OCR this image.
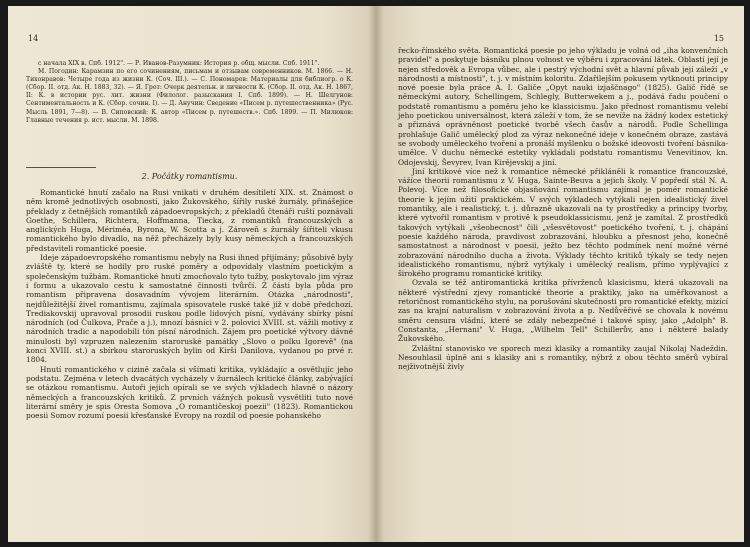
14
с начала XIX в. Спб. 1912". — Р. Иванов-Разумник: История р. общ. мысли. Спб. 1911".
М. Погодин: Карамзин по его сочинениям, письмам и отзывам современников. М. 1866. — Н. Тихонравов: Четыре года из жизни К. (Соч. III.). — С. Пономарев: Материалы для библиогр. о К. (Сбор. II. отд. Ак. Н. 1883, 32). — Я. Грот: Очерк деятельн. и личности К. (Сбор. II. отд. Ак. Н. 1867, II: К. в истории рус. лит. жизни (Филолог. разыскания I. Спб. 1899). — Н. Шелгунов: Сентиментальность и К. (Сбор. сочин. I). — Д. Анучин: Сведение «Писем р. путешественника» (Рус. Мысль 1891, 7—8). — В. Сиповский: К. автор «Писем р. путешеств.». Спб. 1899. — П. Милюков: Главные течения р. ист. мысли. М. 1898.
2. Počátky romantismu.

Romantické hnutí začalo na Rusi vnikati v druhém desítiletí XIX. st. Známost o něm kromě jednotlivých osobností, jako Žukovského, šířily ruské žurnály, přinášejíce překlady z četnějších romantiků západoevropských; z překladů čtenáři ruští poznávali Goethe, Schillera, Richtera, Hoffmanna, Tiecka, z romantiků francouzských a anglických Huga, Mériméa, Byrona, W. Scotta a j. Zároveň s žurnály šířiteli vkusu romantického bylo divadlo, na něž přecházely byly kusy německých a francouzských představiteli romantické poesie.

Ideje západoevropského romantismu nebyly na Rusi ihned přijímány; působivě byly zvláště ty, které se hodily pro ruské poměry a odpovídaly vlastním poetickým a společenským tužbám. Romantické hnutí zmocňovalo tyto tužby, poskytovalo jim výraz i formu a ukazovalo cestu k samostatné činnosti tvůrčí. Z části byla půda pro romantism připravena dosavadním vývojem literárním. Otázka „národnosti", nejdůležitější živel romantismu, zajímala spisovatele ruské také již v době předchozí. Trediakovskij upravoval prosodii ruskou podle lidových písní, vydávány sbírky písní národních (od Čulkova, Prače a j.), mnozí básníci v 2. polovici XVIII. st. vážili motivy z národních tradic a napodobili tón písní národních. Zájem pro poetické výtvory dávné minulosti byl vzpruzen nalezením staroruské památky „Slovo o polku Igorevě" (na konci XVIII. st.) a sbírkou staroruských bylin od Kirši Danilova, vydanou po prvé r. 1804.

Hnutí romantického v cizině začala si všímati kritika, vykládajíc a osvětlujíc jeho podstatu. Zejména v letech dvacátých vycházely v žurnálech kritické články, zabývající se otázkou romantismu. Autoři jejich opírali se ve svých výkladech hlavně o názory německých a francouzských kritiků. Z prvních vážných pokusů vysvětliti tuto nové literární směry je spis Oresta Somova „O romantičeskoj poezii" (1823). Romantickou poesii Somov rozumí poesii křesťanské Evropy na rozdíl od poesie pohanského

15

řecko-římského světa. Romantická poesie po jeho výkladu je volná od „iha konvenčních pravidel" a poskytuje básníku plnou volnost ve výběru i zpracování látek. Oblastí její je nejen středověk a Evropa vůbec, ale i pestrý východní svět a hlavní půvab její záleží „v národnosti a místnosti", t. j. v místním koloritu. Zdařilejším pokusem vytknouti principy nové poesie byla práce A. I. Galiče „Opyt nauki izjaščnago" (1825). Galič řídě se německými autory, Schellingem, Schlegly, Butterwekem a j., podává řadu poučení o podstatě romantismu a poměru jeho ke klassicismu. Jako přednost romantismu velebí jeho poetickou universálnost, která záleží v tom, že se nevíže na žádný kodex estetický a přiznává oprávněnost poetické tvorbě všech časův a národů. Podle Schellinga prohlašuje Galič umělecký plod za výraz nekonečné ideje v konečném obraze, zastává se svobody uměleckého tvoření a pronáší myšlenku o božské ideovosti tvoření básnika-umělce. V duchu německé estetiky vykládali podstatu romantismu Venevitinov, kn. Odojevskij, Ševyrev, Ivan Kirějevskij a jiní.

Jiní kritikové více než k romantice německé přikláněli k romantice francouzské, vážíce theorii romantismu z V. Huga, Sainte-Beuva a jejich školy. V popředí stál N. A. Polevoj. Více než filosofické objasňování romantismu zajímal je pomér romantické theorie k jejím užití praktickém. V svých výkladech vytýkali nejen idealistický živel romantiky, ale i realistický, t. j. důrazně ukazovali na ty prostředky a principy tvorby, které vytvořil romantism v protivě k pseudoklassicismu, jenž je zamítal. Z prostředků takových vytýkali „všeobecnost" čili „všesvětovost" poetického tvoření, t. j. chápání poesie každého národa, pravdivost zobrazování, hloubku a přesnost jeho, konečně samostatnost a národnost v poesii, ježto bez těchto podmínek není možné vérné zobrazování národního ducha a života. Výklady těchto kritiků týkaly se tedy nejen idealistického romantismu, nýbrž vytýkaly i umělecký realism, přímo vyplývající z širokého programu romantické kritiky.

Ozvala se též antiromantická kritika přívrženců klasicismu, která ukazovali na některé výstřední zjevy romantické theorie a praktiky, jako na uměřkovanost a retoričnost romantického stylu, na porušování skutečnosti pro romantické efekty, mizící zas na krajní naturalism v zobrazování života a p. Nedůvěřivě se chovala k novému směru censura vládní, které se zdály nebezpečné i takové spisy, jako „Adolph" B. Constanta, „Hernani" V. Huga, „Wilhelm Tell" Schillerův, ano i některé balady Žukovského.

Zvláštní stanovisko ve sporech mezi klasiky a romantiky zaujal Nikolaj Nadeždin. Nesouhlasil úplně ani s klasiky ani s romantiky, nýbrž z obou těchto směrů vybíral nejživotnější živly
